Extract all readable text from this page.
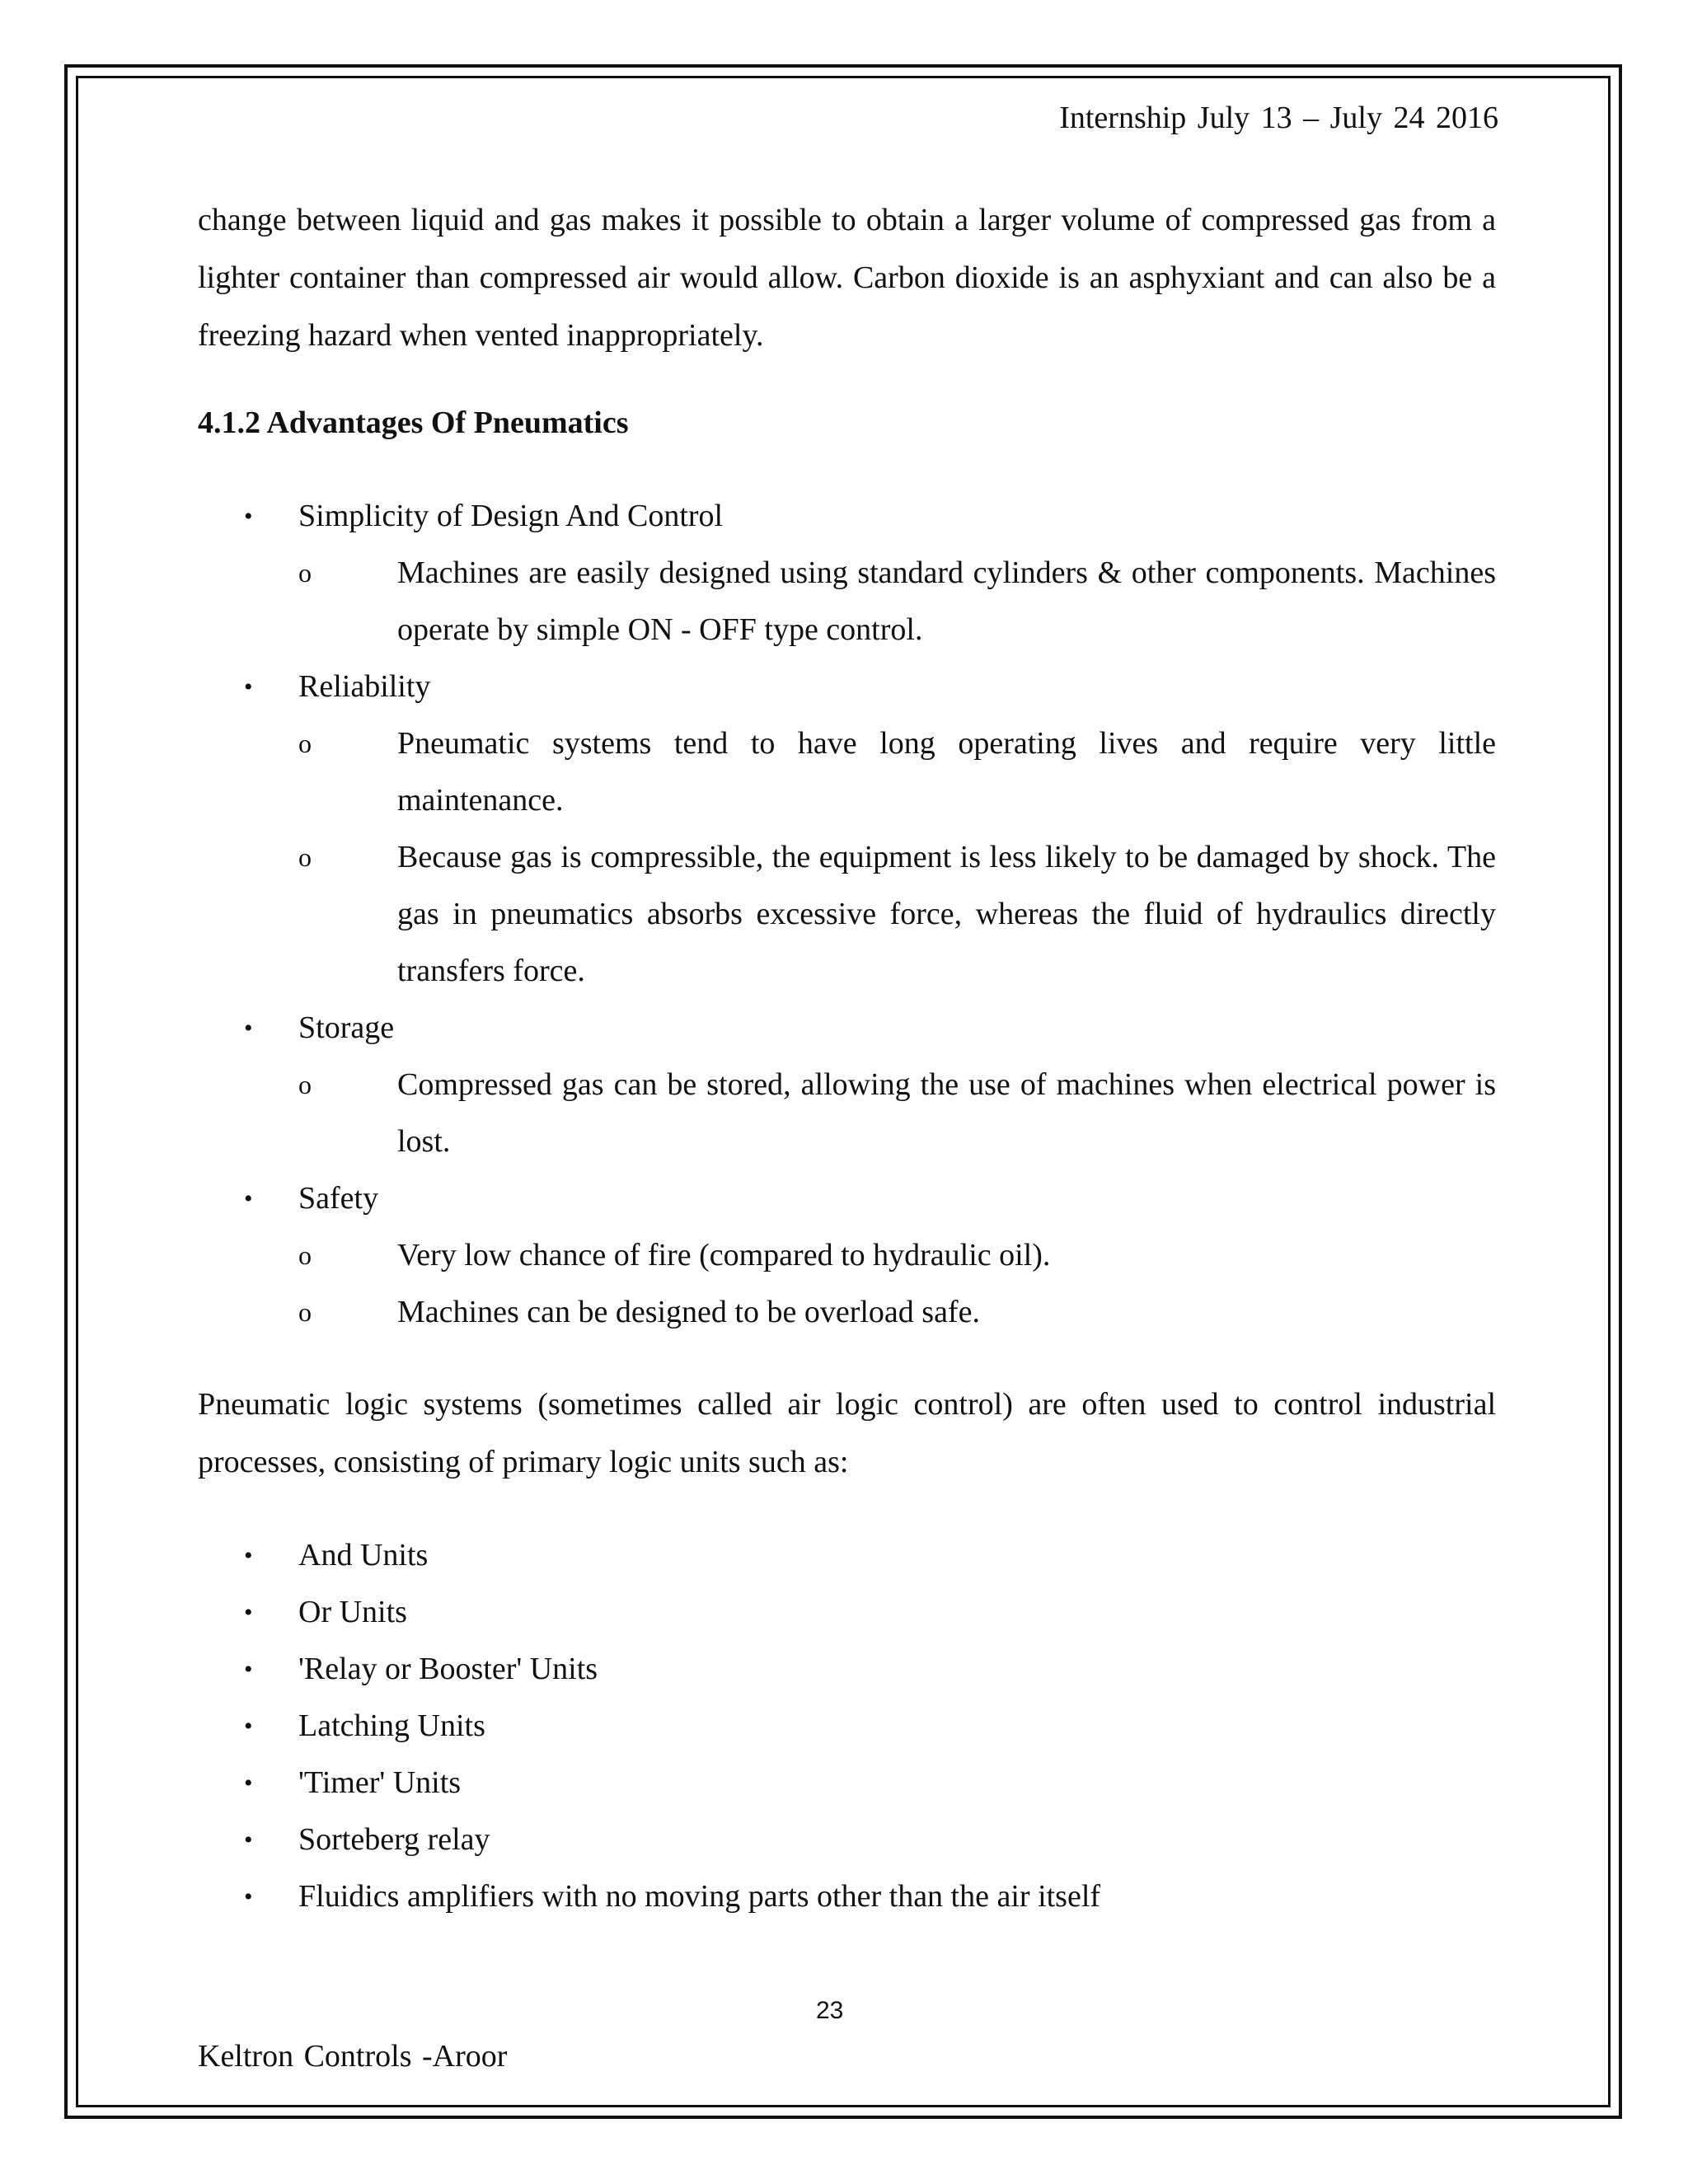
Internship July 13 – July 24 2016

change between liquid and gas makes it possible to obtain a larger volume of compressed gas from a lighter container than compressed air would allow. Carbon dioxide is an asphyxiant and can also be a freezing hazard when vented inappropriately.

4.1.2 Advantages Of Pneumatics
• Simplicity of Design And Control
o	Machines are easily designed using standard cylinders & other components. Machines operate by simple ON - OFF type control.
• Reliability
o	Pneumatic systems tend to have long operating lives and require very little maintenance.
o	Because gas is compressible, the equipment is less likely to be damaged by shock. The gas in pneumatics absorbs excessive force, whereas the fluid of hydraulics directly transfers force.
• Storage
o	Compressed gas can be stored, allowing the use of machines when electrical power is lost.
• Safety
o	Very low chance of fire (compared to hydraulic oil).
o	Machines can be designed to be overload safe.

Pneumatic logic systems (sometimes called air logic control) are often used to control industrial processes, consisting of primary logic units such as:

• And Units
• Or Units
• 'Relay or Booster' Units
• Latching Units
• 'Timer' Units
• Sorteberg relay
• Fluidics amplifiers with no moving parts other than the air itself
23
Keltron Controls -Aroor
